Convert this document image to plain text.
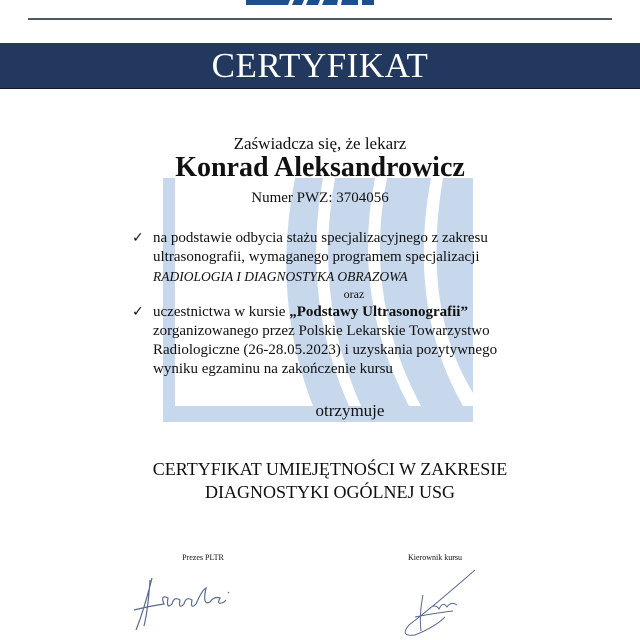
CERTYFIKAT
Zaświadcza się, że lekarz
Konrad Aleksandrowicz
Numer PWZ: 3704056
✓ na podstawie odbycia stażu specjalizacyjnego z zakresu
ultrasonografii, wymaganego programem specjalizacji
RADIOLOGIA I DIAGNOSTYKA OBRAZOWA
oraz
✓ uczestnictwa w kursie „Podstawy Ultrasonografii”
zorganizowanego przez Polskie Lekarskie Towarzystwo
Radiologiczne (26-28.05.2023) i uzyskania pozytywnego
wyniku egzaminu na zakończenie kursu
otrzymuje
CERTYFIKAT UMIEJĘTNOŚCI W ZAKRESIE
DIAGNOSTYKI OGÓLNEJ USG
Prezes PLTR	Kierownik kursu
